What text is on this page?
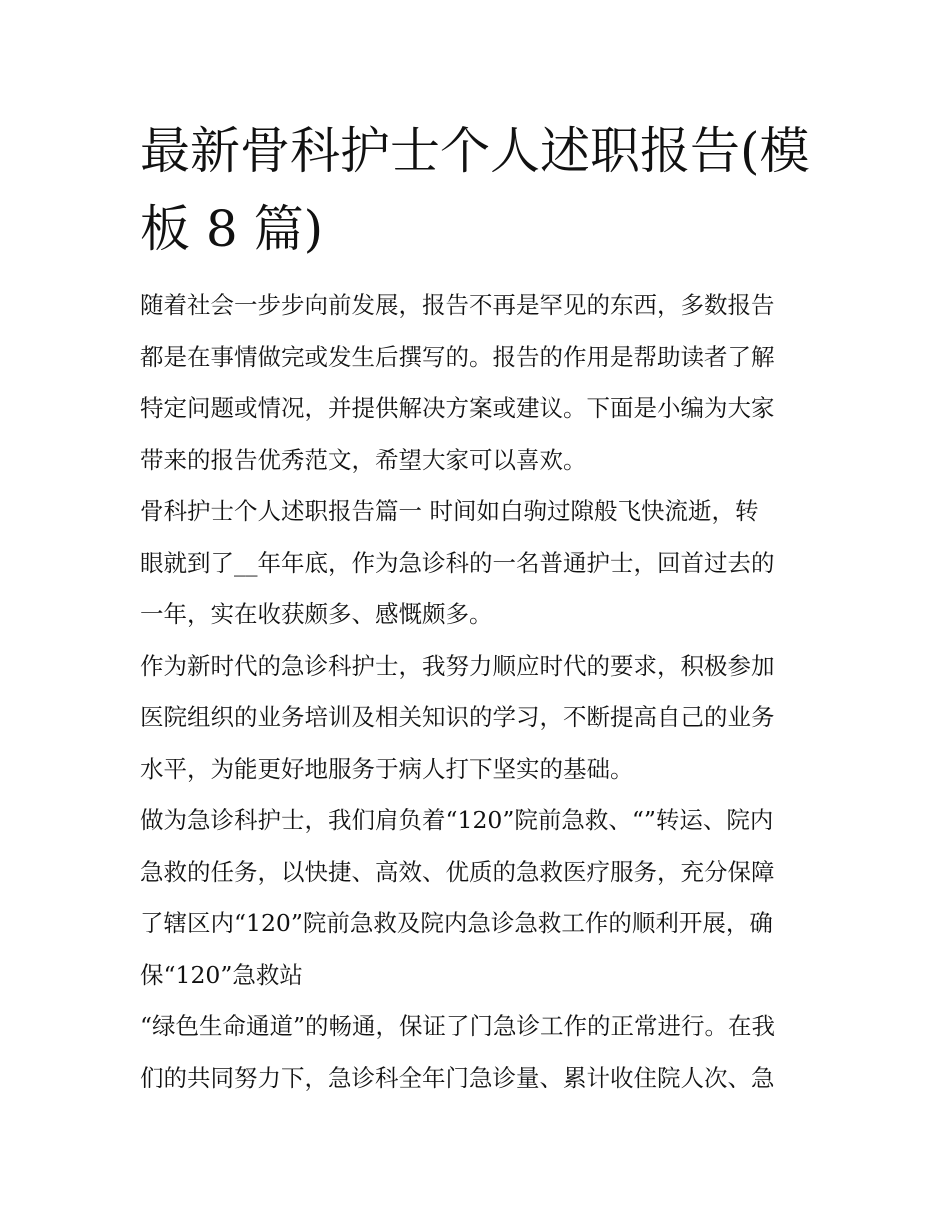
最新骨科护士个人述职报告(模
板 8 篇)
随着社会一步步向前发展，报告不再是罕见的东西，多数报告
都是在事情做完或发生后撰写的。报告的作用是帮助读者了解
特定问题或情况，并提供解决方案或建议。下面是小编为大家
带来的报告优秀范文，希望大家可以喜欢。
骨科护士个人述职报告篇一 时间如白驹过隙般飞快流逝，转
眼就到了__年年底，作为急诊科的一名普通护士，回首过去的
一年，实在收获颇多、感慨颇多。
作为新时代的急诊科护士，我努力顺应时代的要求，积极参加
医院组织的业务培训及相关知识的学习，不断提高自己的业务
水平，为能更好地服务于病人打下坚实的基础。
做为急诊科护士，我们肩负着“120”院前急救、“”转运、院内
急救的任务，以快捷、高效、优质的急救医疗服务，充分保障
了辖区内“120”院前急救及院内急诊急救工作的顺利开展，确
保“120”急救站
“绿色生命通道”的畅通，保证了门急诊工作的正常进行。在我
们的共同努力下，急诊科全年门急诊量、累计收住院人次、急
